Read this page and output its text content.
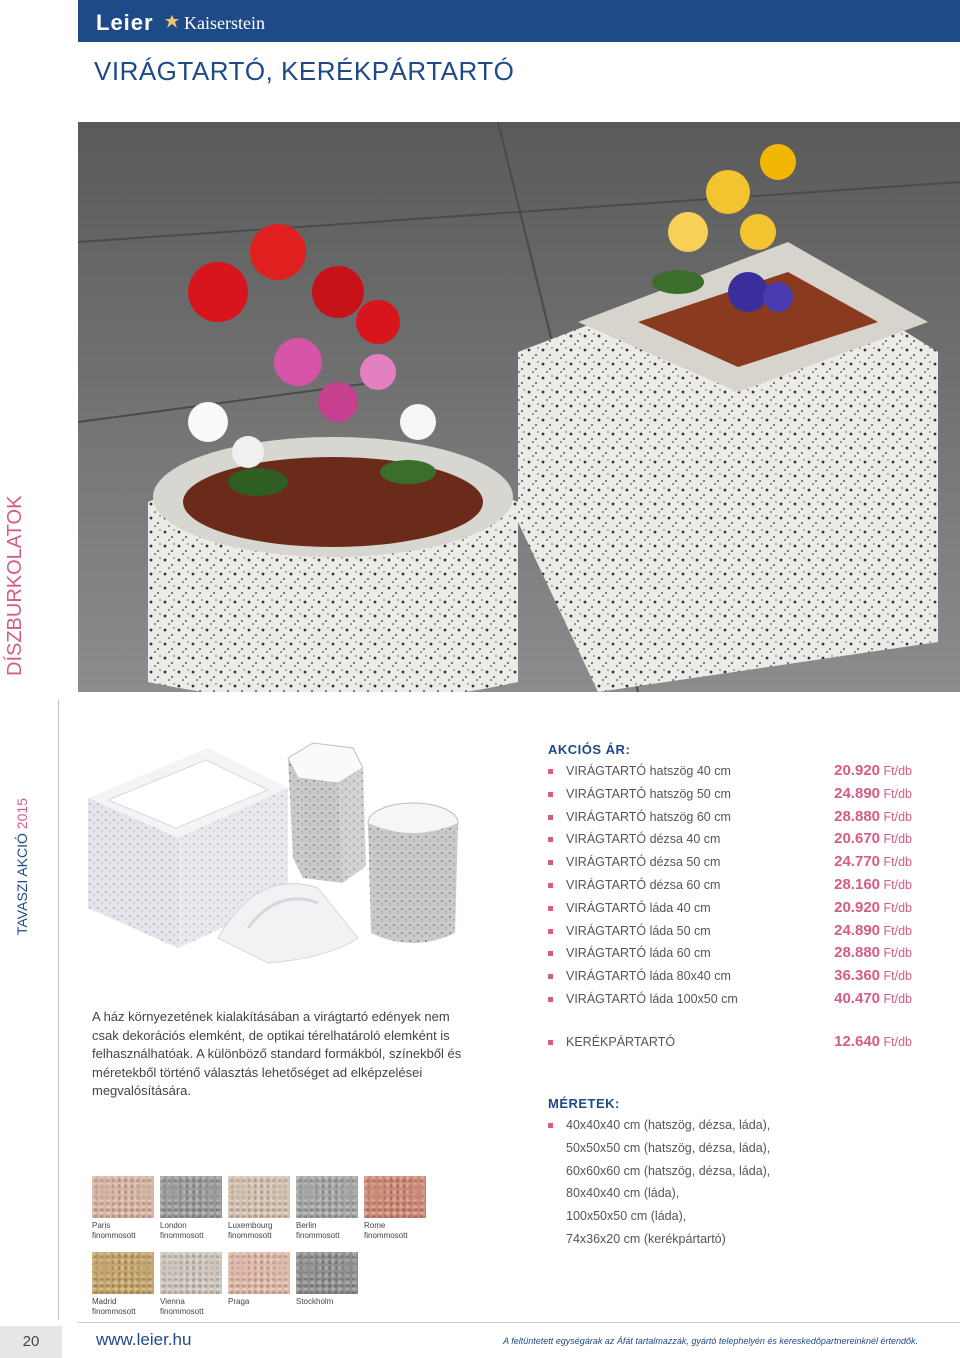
Leier Kaiserstein
VIRÁGTARTÓ, KERÉKPÁRTARTÓ
DÍSZBURKOLATOK
TAVASZI AKCIÓ 2015

A ház környezetének kialakításában a virágtartó edények nem csak dekorációs elemként, de optikai térelhatároló elemként is felhasználhatóak. A különböző standard formákból, színekből és méretekből történő választás lehetőséget ad elképzelései megvalósítására.

Paris finommosott
London finommosott
Luxembourg finommosott
Berlin finommosott
Rome finommosott
Madrid finommosott
Vienna finommosott
Praga	Stockholm
AKCIÓS ÁR:
VIRÁGTARTÓ hatszög 40 cm	20.920 Ft/db
VIRÁGTARTÓ hatszög 50 cm	24.890 Ft/db
VIRÁGTARTÓ hatszög 60 cm	28.880 Ft/db
VIRÁGTARTÓ dézsa 40 cm	20.670 Ft/db
VIRÁGTARTÓ dézsa 50 cm	24.770 Ft/db
VIRÁGTARTÓ dézsa 60 cm	28.160 Ft/db
VIRÁGTARTÓ láda 40 cm	20.920 Ft/db
VIRÁGTARTÓ láda 50 cm	24.890 Ft/db
VIRÁGTARTÓ láda 60 cm	28.880 Ft/db
VIRÁGTARTÓ láda 80x40 cm	36.360 Ft/db
VIRÁGTARTÓ láda 100x50 cm	40.470 Ft/db
KERÉKPÁRTARTÓ	12.640 Ft/db
MÉRETEK:
40x40x40 cm (hatszög, dézsa, láda),
50x50x50 cm (hatszög, dézsa, láda),
60x60x60 cm (hatszög, dézsa, láda),
80x40x40 cm (láda),
100x50x50 cm (láda),
74x36x20 cm (kerékpártartó)
20	www.leier.hu	A feltüntetett egységárak az Áfát tartalmazzák, gyártó telephelyén és kereskedőpartnereinknél értendők.
